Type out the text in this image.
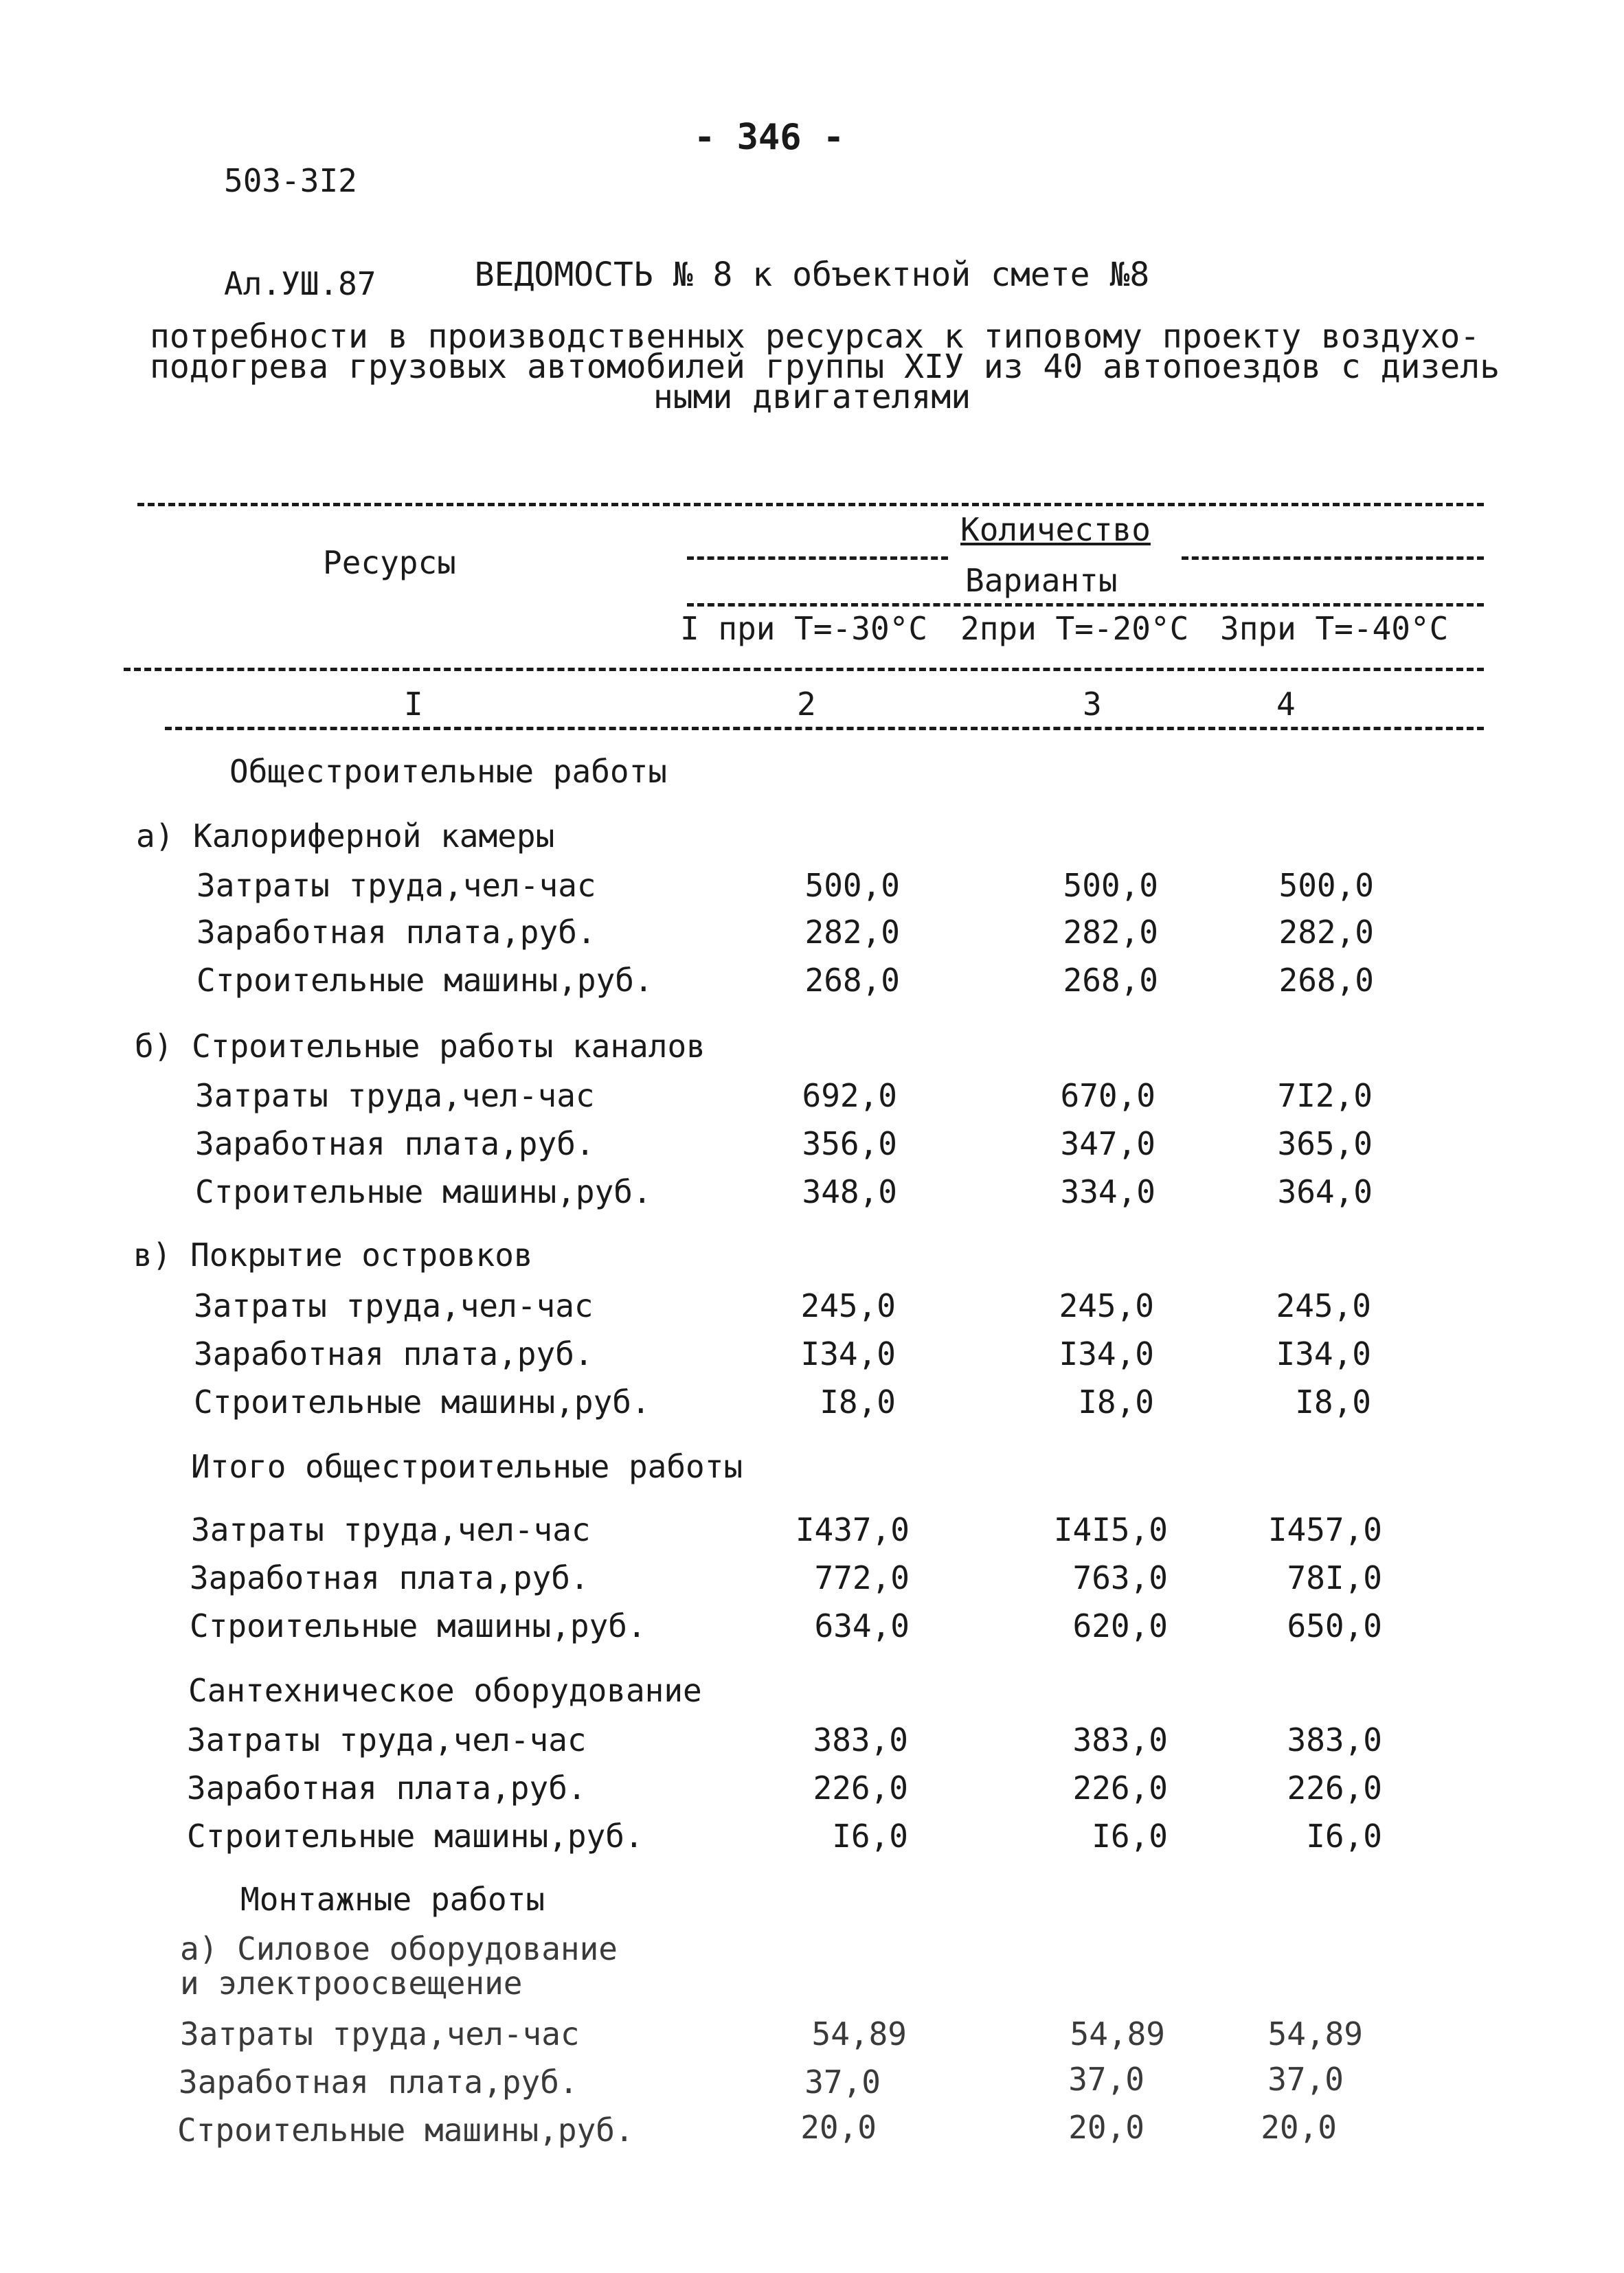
503-3I2

Ал.УШ.87

- 346 -
ВЕДОМОСТЬ № 8 к объектной смете №8
потребности в производственных ресурсах к типовому проекту воздухо-
подогрева грузовых автомобилей группы XIУ из 40 автопоездов с дизель
ными двигателями
Ресурсы
Количество
Варианты
I при Т=-30°С 2при Т=-20°С 3при Т=-40°С
I	2	3	4
Общестроительные работы
а) Калориферной камеры
Затраты труда,чел-час	500,0	500,0	500,0
Заработная плата,руб.	282,0	282,0	282,0
Строительные машины,руб.	268,0	268,0	268,0
б) Строительные работы каналов
Затраты труда,чел-час	692,0	670,0	7I2,0
Заработная плата,руб.	356,0	347,0	365,0
Строительные машины,руб.	348,0	334,0	364,0
в) Покрытие островков
Затраты труда,чел-час	245,0	245,0	245,0
Заработная плата,руб.	I34,0	I34,0	I34,0
Строительные машины,руб.	I8,0	I8,0	I8,0
Итого общестроительные работы
Затраты труда,чел-час	I437,0	I4I5,0	I457,0
Заработная плата,руб.	772,0	763,0	78I,0
Строительные машины,руб.	634,0	620,0	650,0
Сантехническое оборудование
Затраты труда,чел-час	383,0	383,0	383,0
Заработная плата,руб.	226,0	226,0	226,0
Строительные машины,руб.	I6,0	I6,0	I6,0
Монтажные работы
а) Силовое оборудование
и электроосвещение
Затраты труда,чел-час	54,89	54,89	54,89
Заработная плата,руб.	37,0	37,0	37,0
Строительные машины,руб.	20,0	20,0	20,0
